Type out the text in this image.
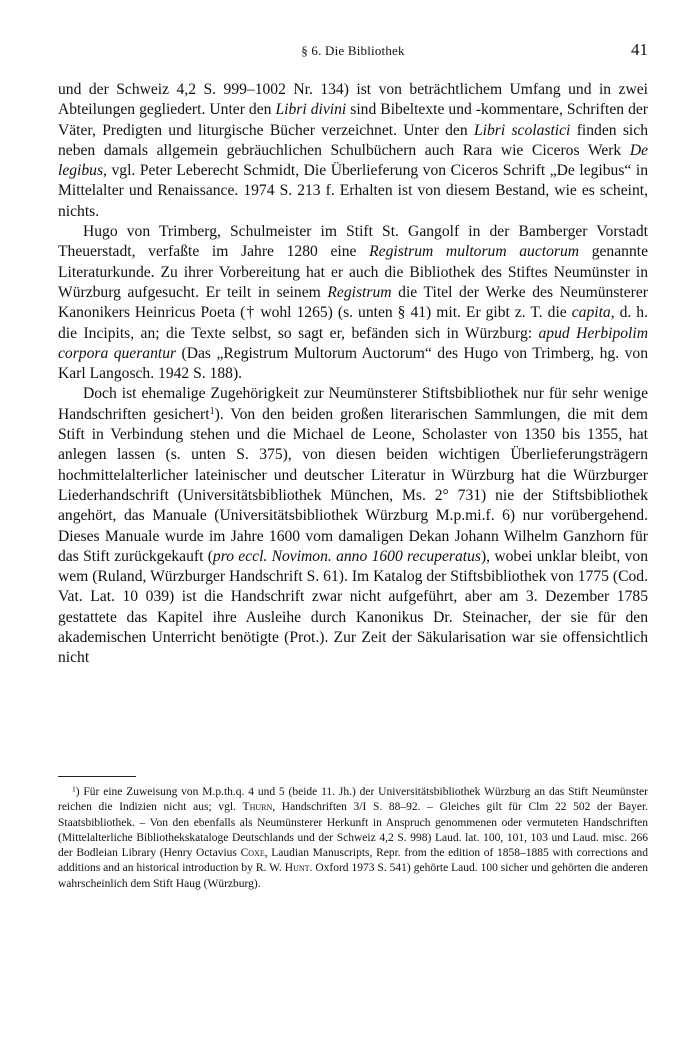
§ 6. Die Bibliothek	41

und der Schweiz 4,2 S. 999–1002 Nr. 134) ist von beträchtlichem Umfang und in zwei Abteilungen gegliedert. Unter den Libri divini sind Bibeltexte und -kommentare, Schriften der Väter, Predigten und liturgische Bücher verzeichnet. Unter den Libri scolastici finden sich neben damals allgemein gebräuchlichen Schulbüchern auch Rara wie Ciceros Werk De legibus, vgl. Peter Leberecht Schmidt, Die Überlieferung von Ciceros Schrift „De legibus“ in Mittelalter und Renaissance. 1974 S. 213 f. Erhalten ist von diesem Bestand, wie es scheint, nichts.

Hugo von Trimberg, Schulmeister im Stift St. Gangolf in der Bamberger Vorstadt Theuerstadt, verfaßte im Jahre 1280 eine Registrum multorum auctorum genannte Literaturkunde. Zu ihrer Vorbereitung hat er auch die Bibliothek des Stiftes Neumünster in Würzburg aufgesucht. Er teilt in seinem Registrum die Titel der Werke des Neumünsterer Kanonikers Heinricus Poeta († wohl 1265) (s. unten § 41) mit. Er gibt z. T. die capita, d. h. die Incipits, an; die Texte selbst, so sagt er, befänden sich in Würzburg: apud Herbipolim corpora querantur (Das „Registrum Multorum Auctorum“ des Hugo von Trimberg, hg. von Karl Langosch. 1942 S. 188).

Doch ist ehemalige Zugehörigkeit zur Neumünsterer Stiftsbibliothek nur für sehr wenige Handschriften gesichert$^1$). Von den beiden großen literarischen Sammlungen, die mit dem Stift in Verbindung stehen und die Michael de Leone, Scholaster von 1350 bis 1355, hat anlegen lassen (s. unten S. 375), von diesen beiden wichtigen Überlieferungsträgern hochmittelalterlicher lateinischer und deutscher Literatur in Würzburg hat die Würzburger Liederhandschrift (Universitätsbibliothek München, Ms. 2° 731) nie der Stiftsbibliothek angehört, das Manuale (Universitätsbibliothek Würzburg M.p.mi.f. 6) nur vorübergehend. Dieses Manuale wurde im Jahre 1600 vom damaligen Dekan Johann Wilhelm Ganzhorn für das Stift zurückgekauft (pro eccl. Novimon. anno 1600 recuperatus), wobei unklar bleibt, von wem (Ruland, Würzburger Handschrift S. 61). Im Katalog der Stiftsbibliothek von 1775 (Cod. Vat. Lat. 10 039) ist die Handschrift zwar nicht aufgeführt, aber am 3. Dezember 1785 gestattete das Kapitel ihre Ausleihe durch Kanonikus Dr. Steinacher, der sie für den akademischen Unterricht benötigte (Prot.). Zur Zeit der Säkularisation war sie offensichtlich nicht

$^1$) Für eine Zuweisung von M.p.th.q. 4 und 5 (beide 11. Jh.) der Universitätsbibliothek Würzburg an das Stift Neumünster reichen die Indizien nicht aus; vgl. Thurn, Handschriften 3/I S. 88–92. – Gleiches gilt für Clm 22 502 der Bayer. Staatsbibliothek. – Von den ebenfalls als Neumünsterer Herkunft in Anspruch genommenen oder vermuteten Handschriften (Mittelalterliche Bibliothekskataloge Deutschlands und der Schweiz 4,2 S. 998) Laud. lat. 100, 101, 103 und Laud. misc. 266 der Bodleian Library (Henry Octavius Coxe, Laudian Manuscripts, Repr. from the edition of 1858–1885 with corrections and additions and an historical introduction by R. W. Hunt. Oxford 1973 S. 541) gehörte Laud. 100 sicher und gehörten die anderen wahrscheinlich dem Stift Haug (Würzburg).
